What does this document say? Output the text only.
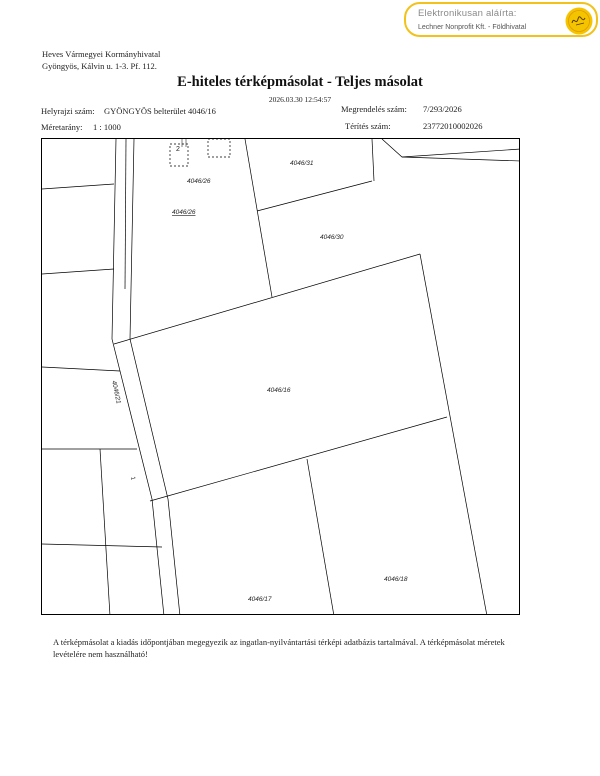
Elektronikusan aláírta:
Lechner Nonprofit Kft. - Földhivatal
Heves Vármegyei Kormányhivatal
Gyöngyös, Kálvin u. 1-3. Pf. 112.
E-hiteles térképmásolat - Teljes másolat
2026.03.30 12:54:57
Helyrajzi szám: GYÖNGYÖS belterület 4046/16	Megrendelés szám: 7/293/2026
Méretarány: 1 : 1000	Térítés szám:	23772010002026
2
4046/26
4046/26
4046/31
4046/30
4046/16
4046/17
4046/18
4046/21
1
A térképmásolat a kiadás időpontjában megegyezik az ingatlan-nyilvántartási térképi adatbázis tartalmával. A térképmásolat méretek levételére nem használható!
